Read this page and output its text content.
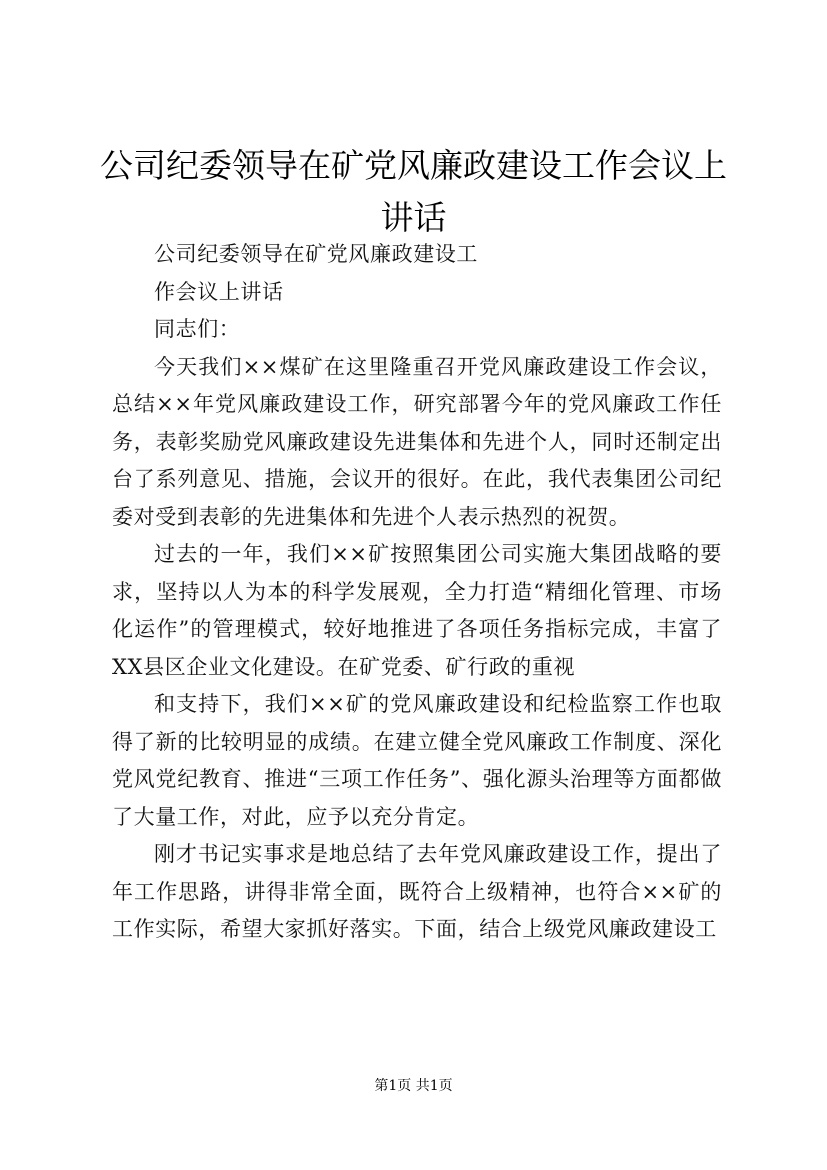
公司纪委领导在矿党风廉政建设工作会议上讲话

公司纪委领导在矿党风廉政建设工

作会议上讲话

同志们：

今天我们××煤矿在这里隆重召开党风廉政建设工作会议，总结××年党风廉政建设工作，研究部署今年的党风廉政工作任务，表彰奖励党风廉政建设先进集体和先进个人，同时还制定出台了系列意见、措施，会议开的很好。在此，我代表集团公司纪委对受到表彰的先进集体和先进个人表示热烈的祝贺。

过去的一年，我们××矿按照集团公司实施大集团战略的要求，坚持以人为本的科学发展观，全力打造“精细化管理、市场化运作”的管理模式，较好地推进了各项任务指标完成，丰富了XX县区企业文化建设。在矿党委、矿行政的重视

和支持下，我们××矿的党风廉政建设和纪检监察工作也取得了新的比较明显的成绩。在建立健全党风廉政工作制度、深化党风党纪教育、推进“三项工作任务”、强化源头治理等方面都做了大量工作，对此，应予以充分肯定。

刚才书记实事求是地总结了去年党风廉政建设工作，提出了年工作思路，讲得非常全面，既符合上级精神，也符合××矿的工作实际，希望大家抓好落实。下面，结合上级党风廉政建设工

第1页 共1页
